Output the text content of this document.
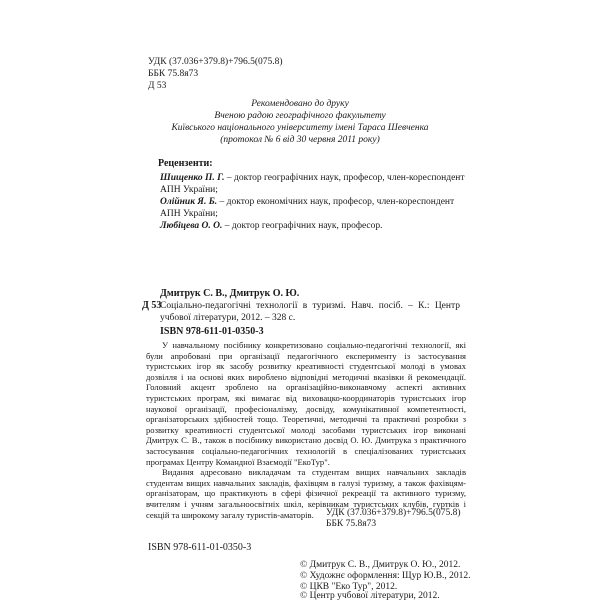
УДК (37.036+379.8)+796.5(075.8)
ББК 75.8я73
Д 53
Рекомендовано до друку
Вченою радою географічного факультету
Київського національного університету імені Тараса Шевченка
(протокол № 6 від 30 червня 2011 року)
Рецензенти:
Шищенко П. Г. – доктор географічних наук, професор, член-кореспондент
АПН України;
Олійник Я. Б. – доктор економічних наук, професор, член-кореспондент
АПН України;
Любіцева О. О. – доктор географічних наук, професор.
Дмитрук С. В., Дмитрук О. Ю.
Д 53
Соціально-педагогічні технології в туризмі. Навч. посіб. – К.: Центр учбової літератури, 2012. – 328 с.
ISBN 978-611-01-0350-3

У навчальному посібнику конкретизовано соціально-педагогічні технології, які були апробовані при організації педагогічного експерименту із застосування туристських ігор як засобу розвитку креативності студентської молоді в умовах дозвілля і на основі яких вироблено відповідні методичні вказівки й рекомендації. Головний акцент зроблено на організаційно-виконавчому аспекті активних туристських програм, які вимагає від виховацко-координаторів туристських ігор наукової організації, професіоналізму, досвіду, комунікативної компетентності, організаторських здібностей тощо. Теоретичні, методичні та практичні розробки з розвитку креативності студентської молоді засобами туристських ігор виконані Дмитрук С. В., також в посібнику використано досвід О. Ю. Дмитрука з практичного застосування соціально-педагогічних технологій в спеціалізованих туристських програмах Центру Командної Взаємодії "ЕкоТур".

Видання адресовано викладачам та студентам вищих навчальних закладів студентам вищих навчальних закладів, фахівцям в галузі туризму, а також фахівцям-організаторам, що практикують в сфері фізичної рекреації та активного туризму, вчителям і учням загальноосвітніх шкіл, керівникам туристських клубів, гуртків і секцій та широкому загалу туристів-аматорів.	УДК (37.036+379.8)+796.5(075.8)
ББК 75.8я73
ISBN 978-611-01-0350-3
© Дмитрук С. В., Дмитрук О. Ю., 2012.
© Художнє оформлення: Щур Ю.В., 2012.
© ЦКВ "Еко Тур", 2012.
© Центр учбової літератури, 2012.
